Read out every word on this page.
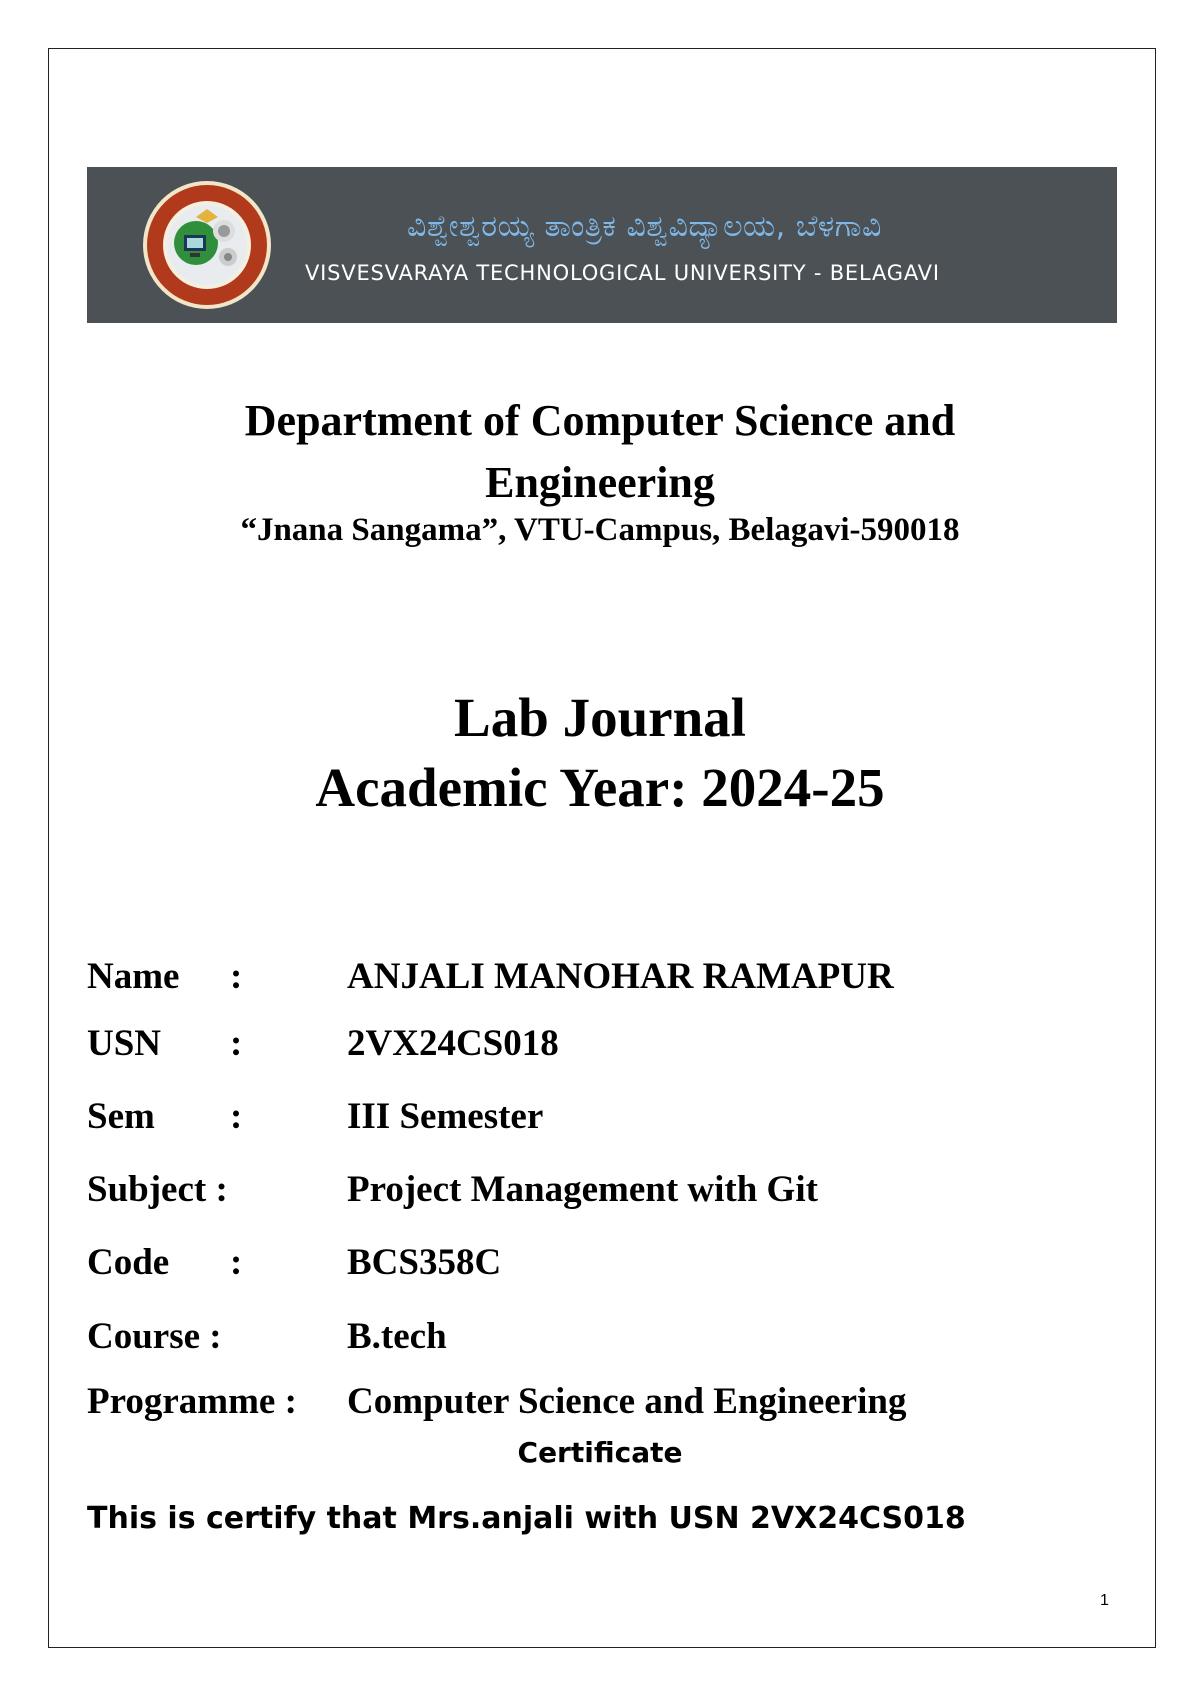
ವಿಶ್ವೇಶ್ವರಯ್ಯ ತಾಂತ್ರಿಕ ವಿಶ್ವವಿದ್ಯಾಲಯ, ಬೆಳಗಾವಿ
VISVESVARAYA TECHNOLOGICAL UNIVERSITY - BELAGAVI
Department of Computer Science and
Engineering
“Jnana Sangama”, VTU-Campus, Belagavi-590018
Lab Journal
Academic Year: 2024-25
Name :	ANJALI MANOHAR RAMAPUR
USN :	2VX24CS018
Sem :	III Semester
Subject :	Project Management with Git
Code :	BCS358C
Course :	B.tech
Programme : Computer Science and Engineering
Certificate
This is certify that Mrs.anjali with USN 2VX24CS018
1
